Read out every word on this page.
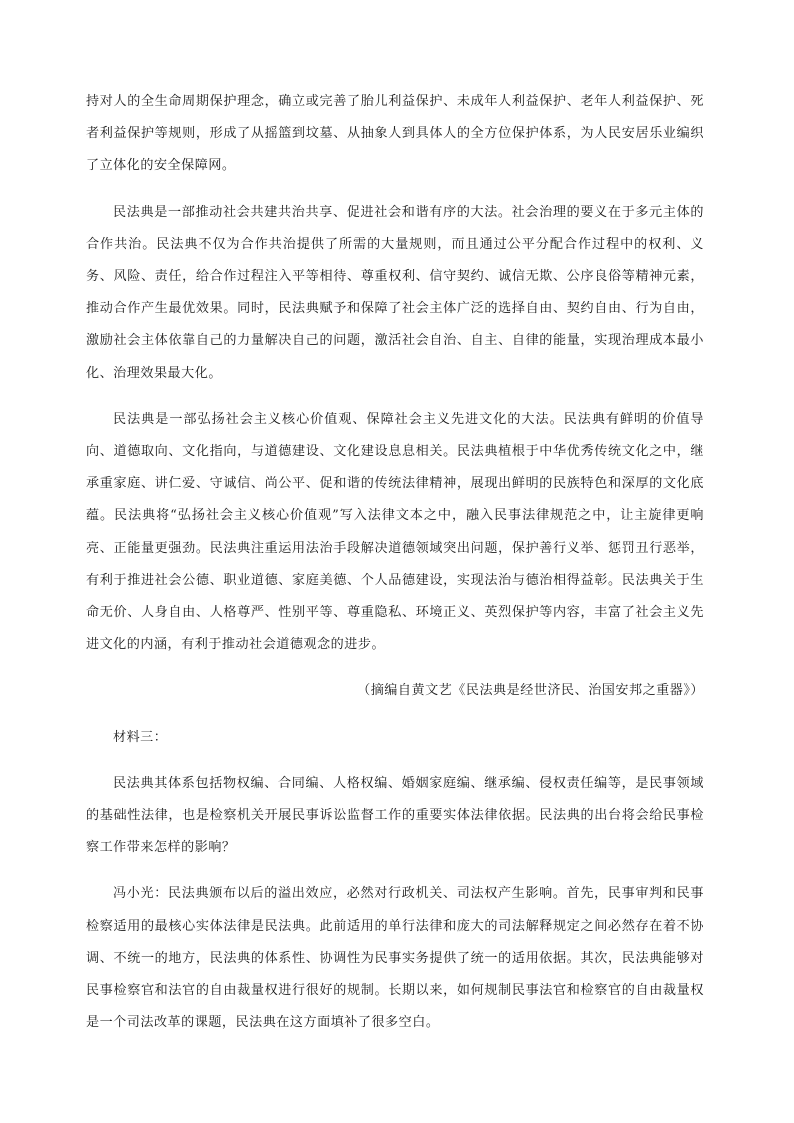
持对人的全生命周期保护理念，确立或完善了胎儿利益保护、未成年人利益保护、老年人利益保护、死者利益保护等规则，形成了从摇篮到坟墓、从抽象人到具体人的全方位保护体系，为人民安居乐业编织了立体化的安全保障网。

民法典是一部推动社会共建共治共享、促进社会和谐有序的大法。社会治理的要义在于多元主体的合作共治。民法典不仅为合作共治提供了所需的大量规则，而且通过公平分配合作过程中的权利、义务、风险、责任，给合作过程注入平等相待、尊重权利、信守契约、诚信无欺、公序良俗等精神元素，推动合作产生最优效果。同时，民法典赋予和保障了社会主体广泛的选择自由、契约自由、行为自由，激励社会主体依靠自己的力量解决自己的问题，激活社会自治、自主、自律的能量，实现治理成本最小化、治理效果最大化。

民法典是一部弘扬社会主义核心价值观、保障社会主义先进文化的大法。民法典有鲜明的价值导向、道德取向、文化指向，与道德建设、文化建设息息相关。民法典植根于中华优秀传统文化之中，继承重家庭、讲仁爱、守诚信、尚公平、促和谐的传统法律精神，展现出鲜明的民族特色和深厚的文化底蕴。民法典将“弘扬社会主义核心价值观”写入法律文本之中，融入民事法律规范之中，让主旋律更响亮、正能量更强劲。民法典注重运用法治手段解决道德领域突出问题，保护善行义举、惩罚丑行恶举，有利于推进社会公德、职业道德、家庭美德、个人品德建设，实现法治与德治相得益彰。民法典关于生命无价、人身自由、人格尊严、性别平等、尊重隐私、环境正义、英烈保护等内容，丰富了社会主义先进文化的内涵，有利于推动社会道德观念的进步。

（摘编自黄文艺《民法典是经世济民、治国安邦之重器》）

材料三：

民法典其体系包括物权编、合同编、人格权编、婚姻家庭编、继承编、侵权责任编等，是民事领域的基础性法律，也是检察机关开展民事诉讼监督工作的重要实体法律依据。民法典的出台将会给民事检察工作带来怎样的影响？

冯小光：民法典颁布以后的溢出效应，必然对行政机关、司法权产生影响。首先，民事审判和民事检察适用的最核心实体法律是民法典。此前适用的单行法律和庞大的司法解释规定之间必然存在着不协调、不统一的地方，民法典的体系性、协调性为民事实务提供了统一的适用依据。其次，民法典能够对民事检察官和法官的自由裁量权进行很好的规制。长期以来，如何规制民事法官和检察官的自由裁量权是一个司法改革的课题，民法典在这方面填补了很多空白。
